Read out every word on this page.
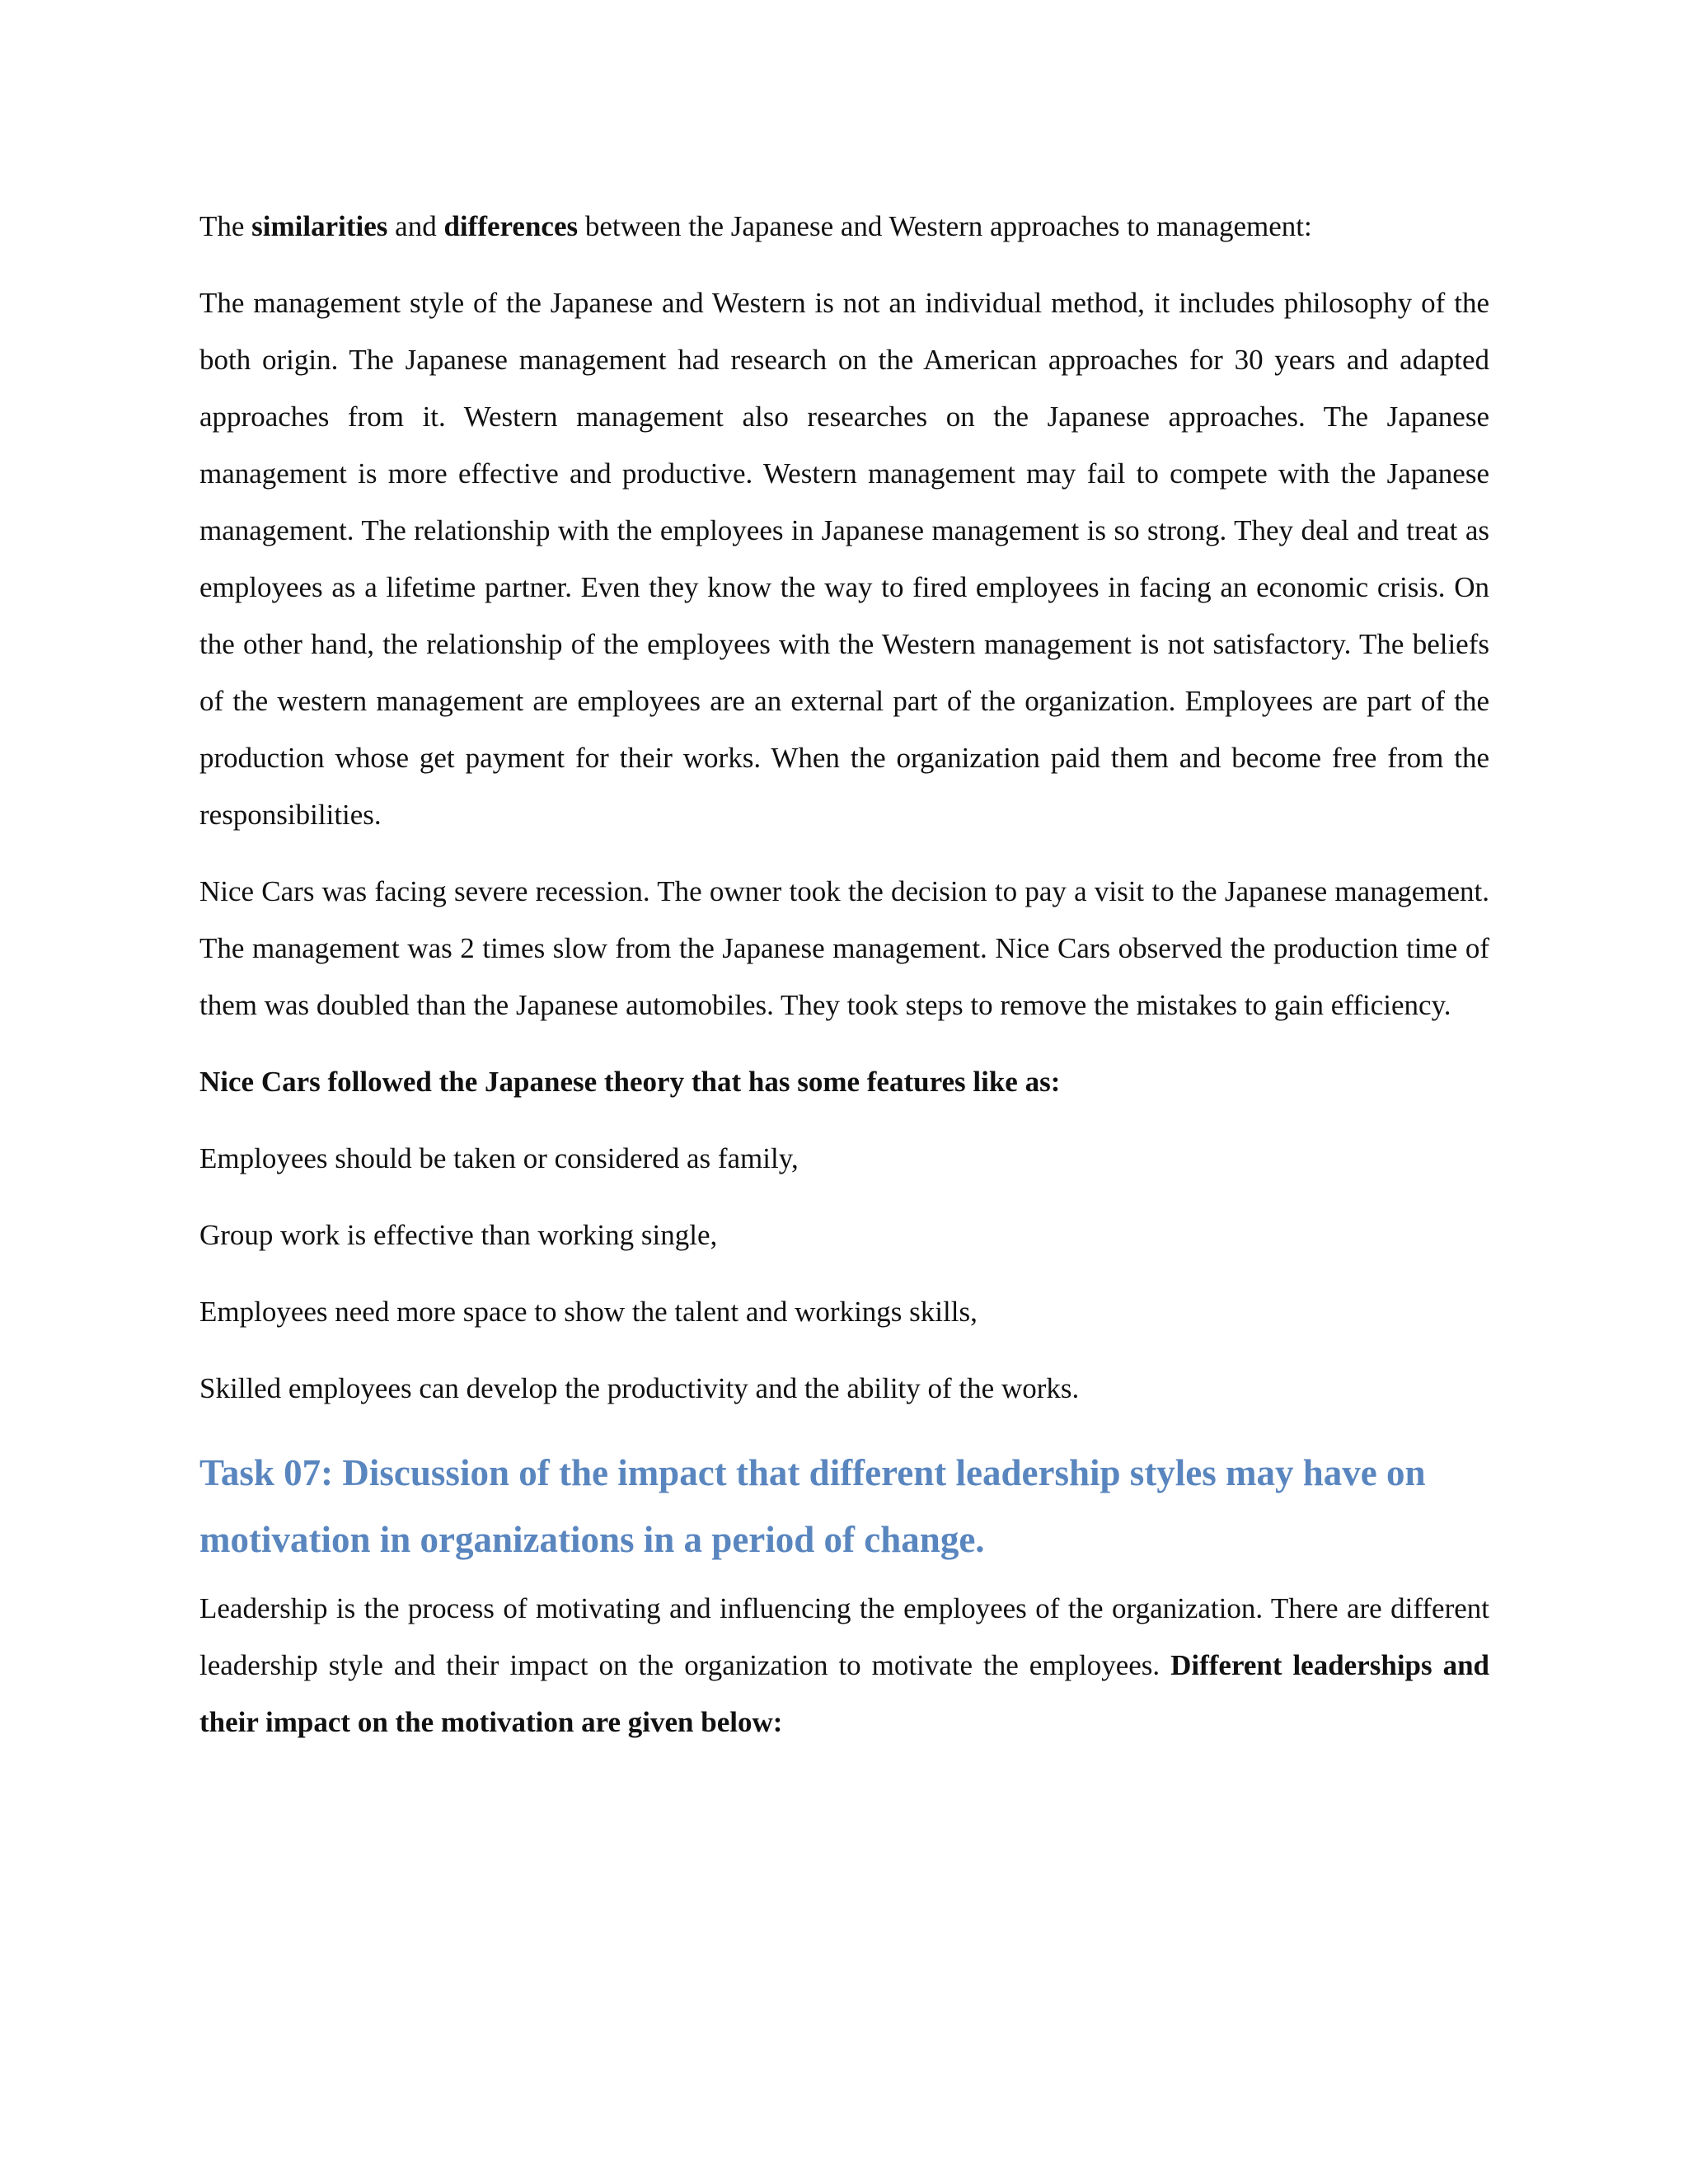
The similarities and differences between the Japanese and Western approaches to management:

The management style of the Japanese and Western is not an individual method, it includes philosophy of the both origin. The Japanese management had research on the American approaches for 30 years and adapted approaches from it. Western management also researches on the Japanese approaches. The Japanese management is more effective and productive. Western management may fail to compete with the Japanese management. The relationship with the employees in Japanese management is so strong. They deal and treat as employees as a lifetime partner. Even they know the way to fired employees in facing an economic crisis. On the other hand, the relationship of the employees with the Western management is not satisfactory. The beliefs of the western management are employees are an external part of the organization. Employees are part of the production whose get payment for their works. When the organization paid them and become free from the responsibilities.

Nice Cars was facing severe recession. The owner took the decision to pay a visit to the Japanese management. The management was 2 times slow from the Japanese management. Nice Cars observed the production time of them was doubled than the Japanese automobiles. They took steps to remove the mistakes to gain efficiency.

Nice Cars followed the Japanese theory that has some features like as:

Employees should be taken or considered as family,

Group work is effective than working single,

Employees need more space to show the talent and workings skills,

Skilled employees can develop the productivity and the ability of the works.

Task 07: Discussion of the impact that different leadership styles may have on motivation in organizations in a period of change.

Leadership is the process of motivating and influencing the employees of the organization. There are different leadership style and their impact on the organization to motivate the employees. Different leaderships and their impact on the motivation are given below:
